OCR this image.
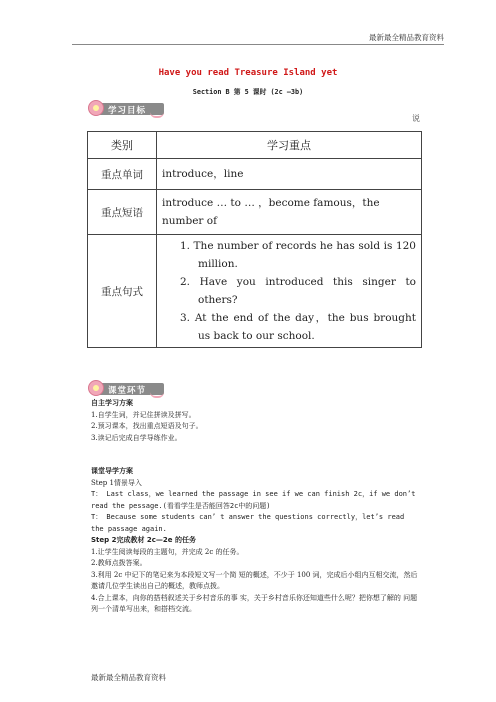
最新最全精品教育资料
Have you read Treasure Island yet
Section B 第 5 课时 (2c —3b)
学习目标
说
类别	学习重点
重点单词	introduce，line
重点短语	introduce … to … ，become famous，the number of
重点句式	1. The number of records he has sold is 120 million.
2. Have you introduced this singer to others?
3. At the end of the day，the bus brought us back to our school.
课堂环节
自主学习方案
1.自学生词，并记住拼读及拼写。
2.预习课本，找出重点短语及句子。
3.读记后完成自学导练作业。
课堂导学方案
Step 1情景导入
T： Last class，we learned the passage in see if we can finish 2c，if we don’t read the pessage.(看看学生是否能回答2c中的问题)
T： Because some students can’ t answer the questions correctly，let’s read the passage again.
Step 2完成教材 2c—2e 的任务
1.让学生阅读每段的主题句，并完成 2c 的任务。
2.教师点拨答案。
3.利用 2c 中记下的笔记来为本段短文写一个简 短的概述，不少于 100 词，完成后小组内互相交流，然后邀请几位学生读出自己的概述，教师点拨。
4.合上课本，向你的搭档叙述关于乡村音乐的事 实，关于乡村音乐你还知道些什么呢？把你想了解的 问题列一个清单写出来，和搭档交流。
最新最全精品教育资料
